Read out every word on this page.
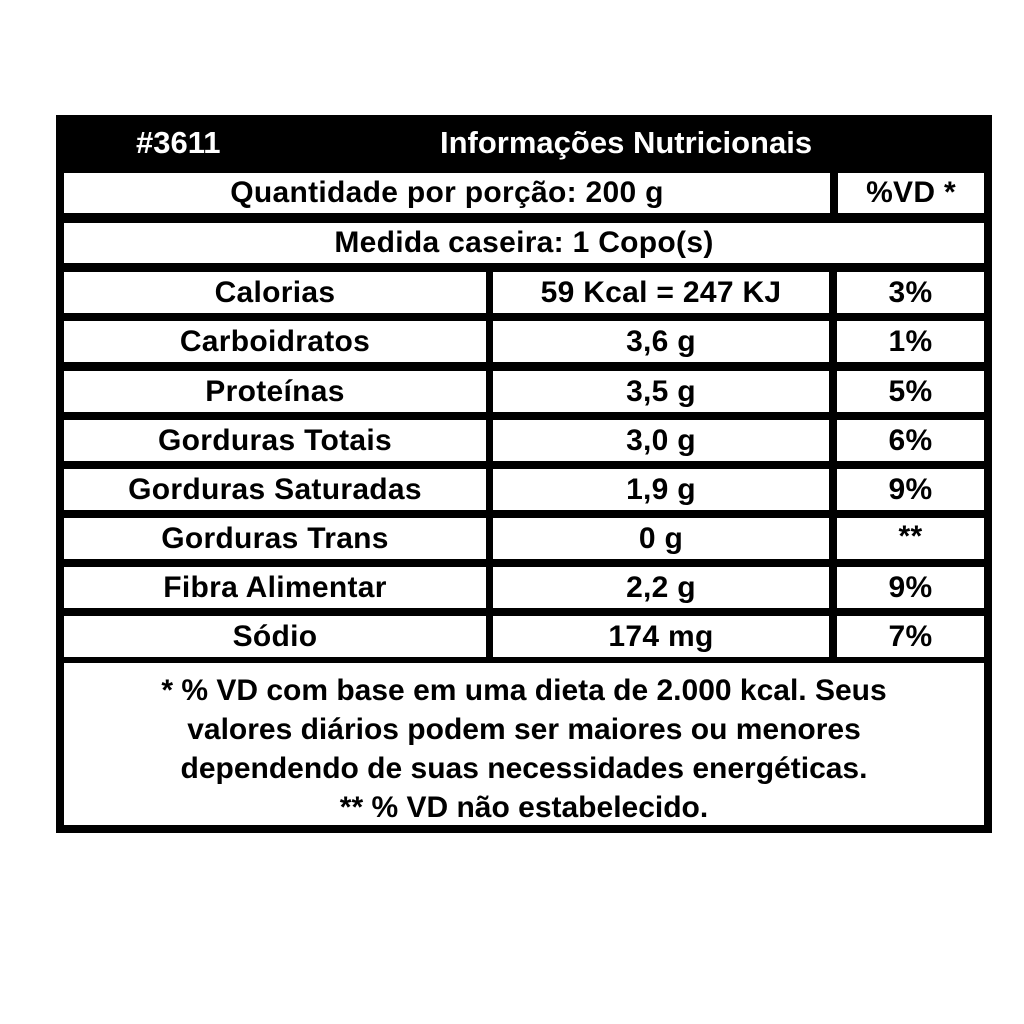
#3611	Informações Nutricionais
Quantidade por porção: 200 g	%VD *
Medida caseira: 1 Copo(s)
Calorias	59 Kcal = 247 KJ	3%
Carboidratos	3,6 g	1%
Proteínas	3,5 g	5%
Gorduras Totais	3,0 g	6%
Gorduras Saturadas	1,9 g	9%
Gorduras Trans	0 g	**
Fibra Alimentar	2,2 g	9%
Sódio	174 mg	7%
* % VD com base em uma dieta de 2.000 kcal. Seus
valores diários podem ser maiores ou menores
dependendo de suas necessidades energéticas.
** % VD não estabelecido.
